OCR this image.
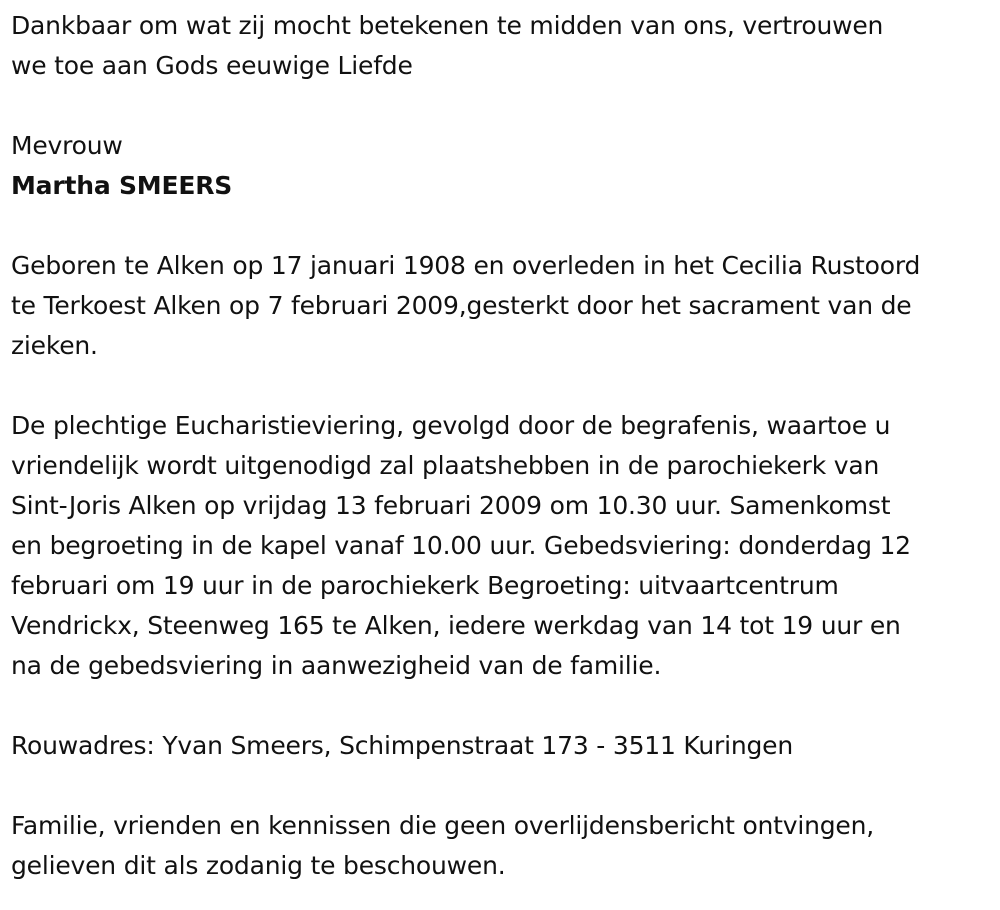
Dankbaar om wat zij mocht betekenen te midden van ons, vertrouwen
we toe aan Gods eeuwige Liefde

Mevrouw

Martha SMEERS

Geboren te Alken op 17 januari 1908 en overleden in het Cecilia Rustoord
te Terkoest Alken op 7 februari 2009,gesterkt door het sacrament van de
zieken.

De plechtige Eucharistieviering, gevolgd door de begrafenis, waartoe u
vriendelijk wordt uitgenodigd zal plaatshebben in de parochiekerk van
Sint-Joris Alken op vrijdag 13 februari 2009 om 10.30 uur. Samenkomst
en begroeting in de kapel vanaf 10.00 uur. Gebedsviering: donderdag 12
februari om 19 uur in de parochiekerk Begroeting: uitvaartcentrum
Vendrickx, Steenweg 165 te Alken, iedere werkdag van 14 tot 19 uur en
na de gebedsviering in aanwezigheid van de familie.

Rouwadres: Yvan Smeers, Schimpenstraat 173 - 3511 Kuringen

Familie, vrienden en kennissen die geen overlijdensbericht ontvingen,
gelieven dit als zodanig te beschouwen.
